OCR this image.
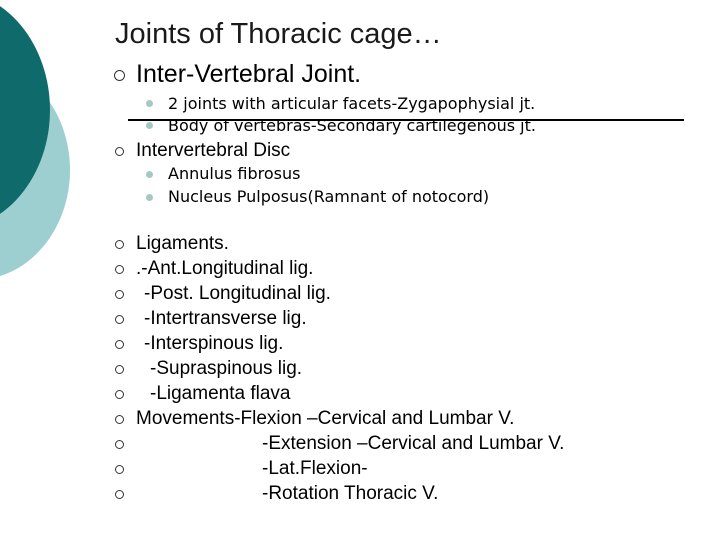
Joints of Thoracic cage…
Inter-Vertebral Joint.
2 joints with articular facets-Zygapophysial jt.
Body of vertebras-Secondary cartilegenous jt.
Intervertebral Disc
Annulus fibrosus
Nucleus Pulposus(Ramnant of notocord)
Ligaments.
.-Ant.Longitudinal lig.
-Post. Longitudinal lig.
-Intertransverse lig.
-Interspinous lig.
-Supraspinous lig.
-Ligamenta flava
Movements-Flexion –Cervical and Lumbar V.
-Extension –Cervical and Lumbar V.
-Lat.Flexion-
-Rotation Thoracic V.
